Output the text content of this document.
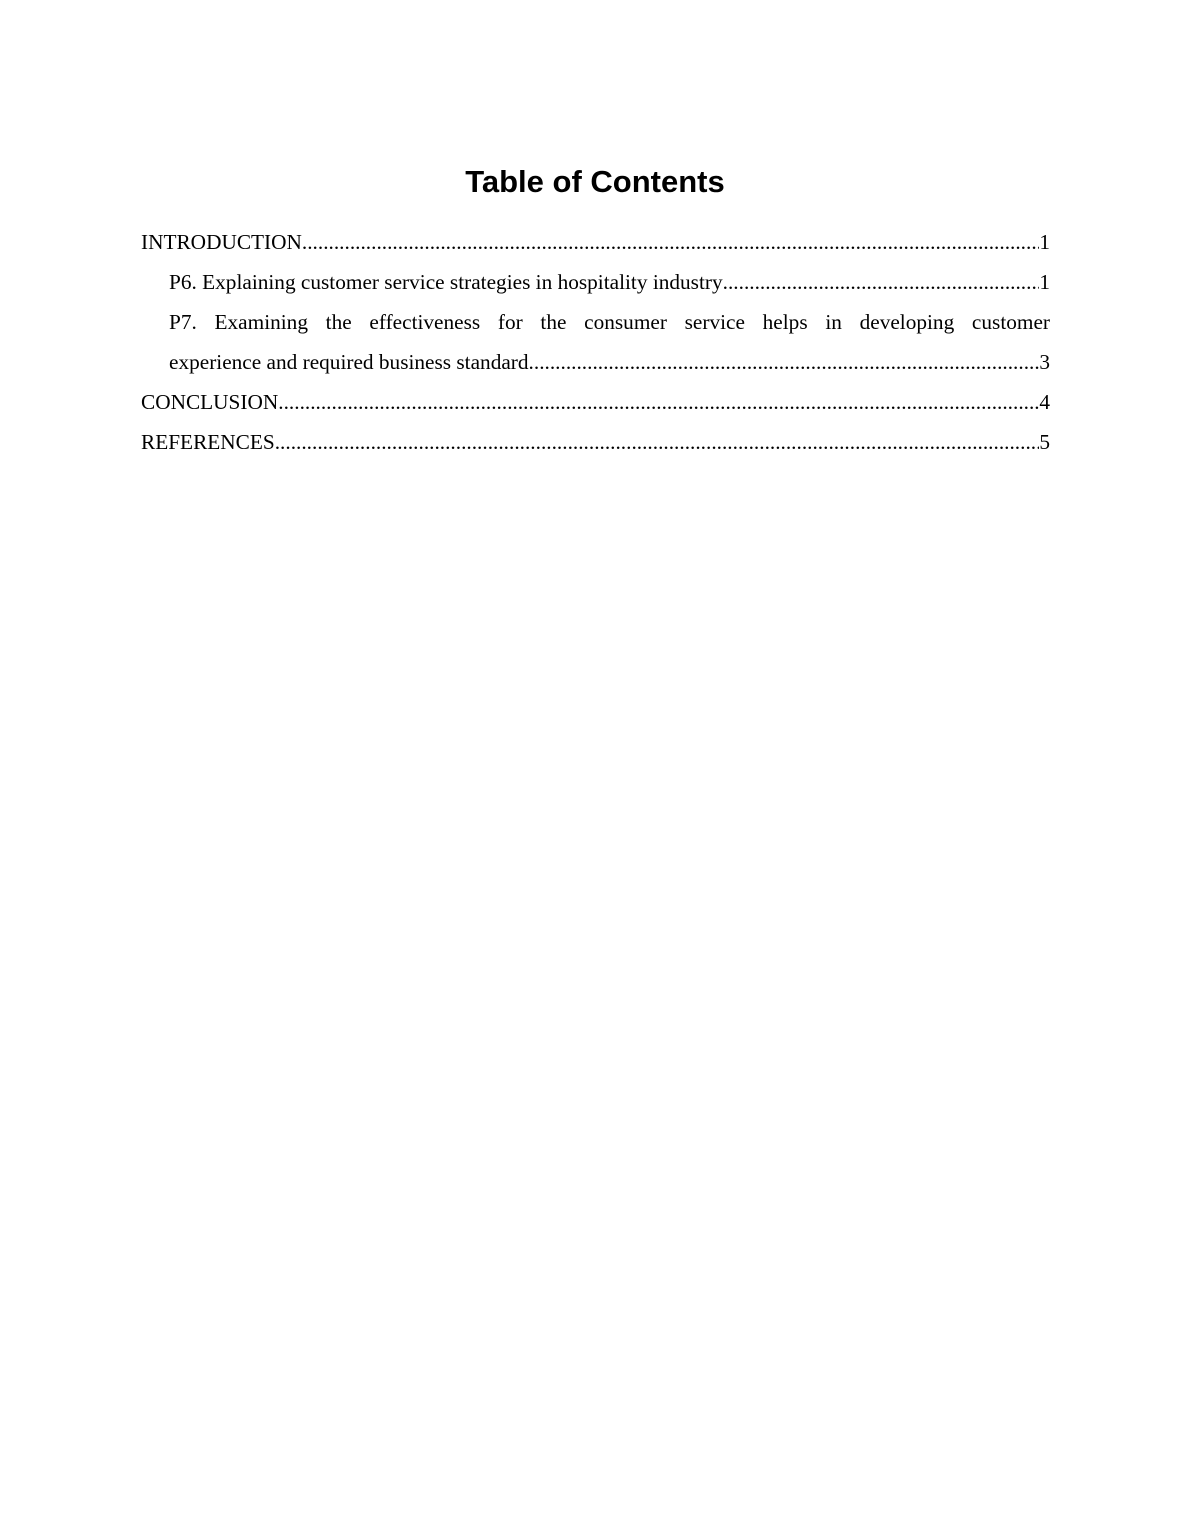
Table of Contents
INTRODUCTION .....	1
P6. Explaining customer service strategies in hospitality industry .....	1
P7. Examining the effectiveness for the consumer service helps in developing customer
experience and required business standard .....	3
CONCLUSION .....	4
REFERENCES .....	5
